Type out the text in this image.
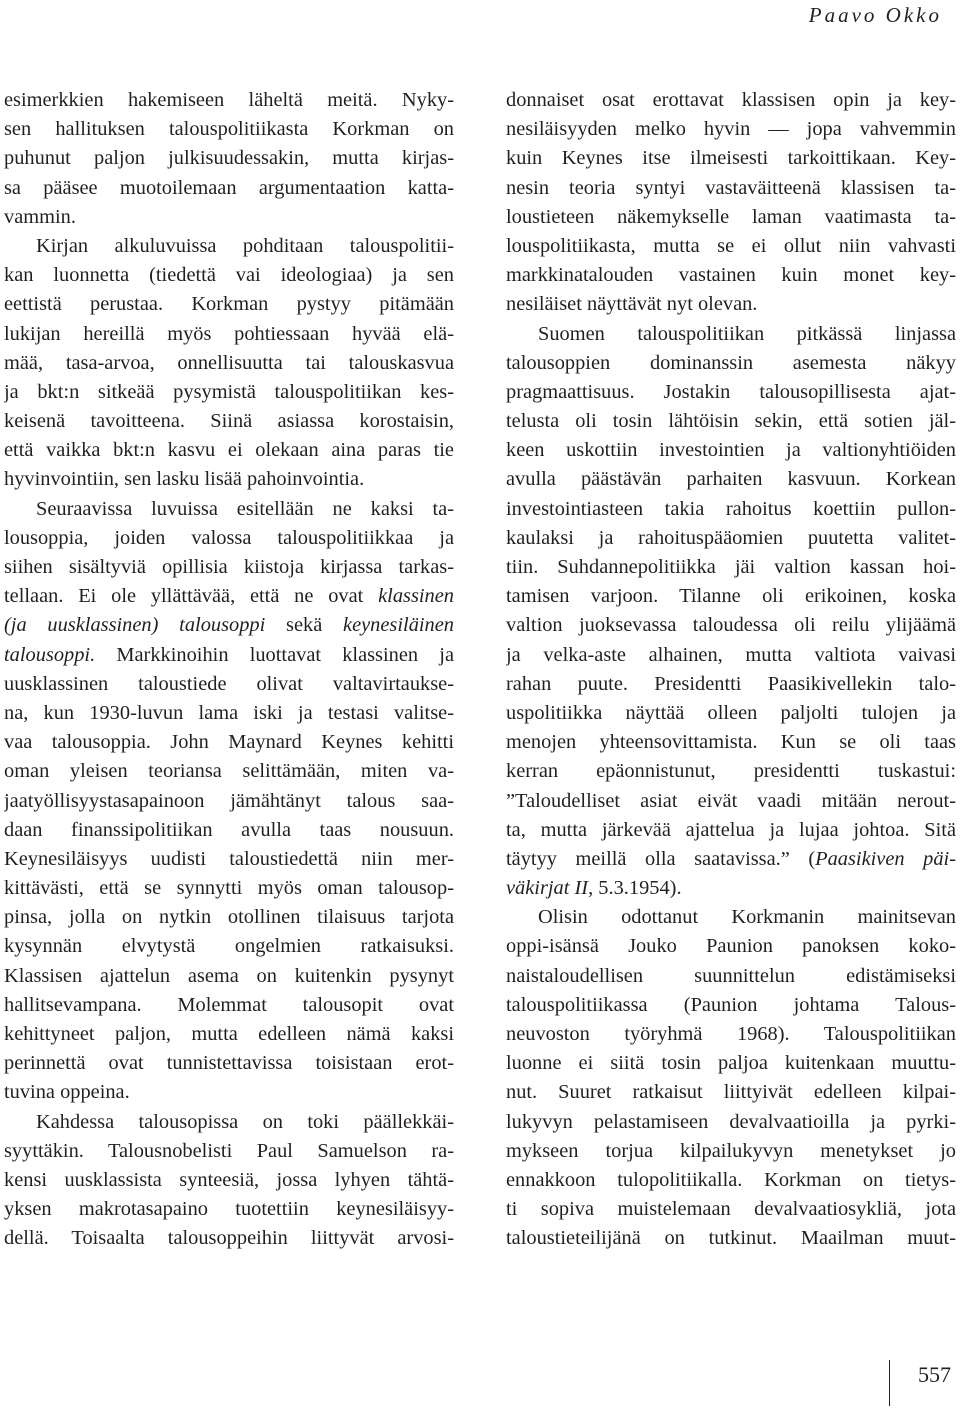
Paavo Okko
esimerkkien hakemiseen läheltä meitä. Nyky-
sen hallituksen talouspolitiikasta Korkman on
puhunut paljon julkisuudessakin, mutta kirjas-
sa pääsee muotoilemaan argumentaation katta-
vammin.
Kirjan alkuluvuissa pohditaan talouspolitii-
kan luonnetta (tiedettä vai ideologiaa) ja sen
eettistä perustaa. Korkman pystyy pitämään
lukijan hereillä myös pohtiessaan hyvää elä-
mää, tasa-arvoa, onnellisuutta tai talouskasvua
ja bkt:n sitkeää pysymistä talouspolitiikan kes-
keisenä tavoitteena. Siinä asiassa korostaisin,
että vaikka bkt:n kasvu ei olekaan aina paras tie
hyvinvointiin, sen lasku lisää pahoinvointia.
Seuraavissa luvuissa esitellään ne kaksi ta-
lousoppia, joiden valossa talouspolitiikkaa ja
siihen sisältyviä opillisia kiistoja kirjassa tarkas-
tellaan. Ei ole yllättävää, että ne ovat klassinen
(ja uusklassinen) talousoppi sekä keynesiläinen
talousoppi. Markkinoihin luottavat klassinen ja
uusklassinen taloustiede olivat valtavirtaukse-
na, kun 1930-luvun lama iski ja testasi valitse-
vaa talousoppia. John Maynard Keynes kehitti
oman yleisen teoriansa selittämään, miten va-
jaatyöllisyystasapainoon jämähtänyt talous saa-
daan finanssipolitiikan avulla taas nousuun.
Keynesiläisyys uudisti taloustiedettä niin mer-
kittävästi, että se synnytti myös oman talousop-
pinsa, jolla on nytkin otollinen tilaisuus tarjota
kysynnän elvytystä ongelmien ratkaisuksi.
Klassisen ajattelun asema on kuitenkin pysynyt
hallitsevampana. Molemmat talousopit ovat
kehittyneet paljon, mutta edelleen nämä kaksi
perinnettä ovat tunnistettavissa toisistaan erot-
tuvina oppeina.
Kahdessa talousopissa on toki päällekkäi-
syyttäkin. Talousnobelisti Paul Samuelson ra-
kensi uusklassista synteesiä, jossa lyhyen tähtä-
yksen makrotasapaino tuotettiin keynesiläisyy-
dellä. Toisaalta talousoppeihin liittyvät arvosi-
donnaiset osat erottavat klassisen opin ja key-
nesiläisyyden melko hyvin — jopa vahvemmin
kuin Keynes itse ilmeisesti tarkoittikaan. Key-
nesin teoria syntyi vastaväitteenä klassisen ta-
loustieteen näkemykselle laman vaatimasta ta-
louspolitiikasta, mutta se ei ollut niin vahvasti
markkinatalouden vastainen kuin monet key-
nesiläiset näyttävät nyt olevan.
Suomen talouspolitiikan pitkässä linjassa
talousoppien dominanssin asemesta näkyy
pragmaattisuus. Jostakin talousopillisesta ajat-
telusta oli tosin lähtöisin sekin, että sotien jäl-
keen uskottiin investointien ja valtionyhtiöiden
avulla päästävän parhaiten kasvuun. Korkean
investointiasteen takia rahoitus koettiin pullon-
kaulaksi ja rahoituspääomien puutetta valitet-
tiin. Suhdannepolitiikka jäi valtion kassan hoi-
tamisen varjoon. Tilanne oli erikoinen, koska
valtion juoksevassa taloudessa oli reilu ylijäämä
ja velka-aste alhainen, mutta valtiota vaivasi
rahan puute. Presidentti Paasikivellekin talo-
uspolitiikka näyttää olleen paljolti tulojen ja
menojen yhteensovittamista. Kun se oli taas
kerran epäonnistunut, presidentti tuskastui:
”Taloudelliset asiat eivät vaadi mitään nerout-
ta, mutta järkevää ajattelua ja lujaa johtoa. Sitä
täytyy meillä olla saatavissa.” (Paasikiven päi-
väkirjat II, 5.3.1954).
Olisin odottanut Korkmanin mainitsevan
oppi-isänsä Jouko Paunion panoksen koko-
naistaloudellisen suunnittelun edistämiseksi
talouspolitiikassa (Paunion johtama Talous-
neuvoston työryhmä 1968). Talouspolitiikan
luonne ei siitä tosin paljoa kuitenkaan muuttu-
nut. Suuret ratkaisut liittyivät edelleen kilpai-
lukyvyn pelastamiseen devalvaatioilla ja pyrki-
mykseen torjua kilpailukyvyn menetykset jo
ennakkoon tulopolitiikalla. Korkman on tietys-
ti sopiva muistelemaan devalvaatiosykliä, jota
taloustieteilijänä on tutkinut. Maailman muut-
557
